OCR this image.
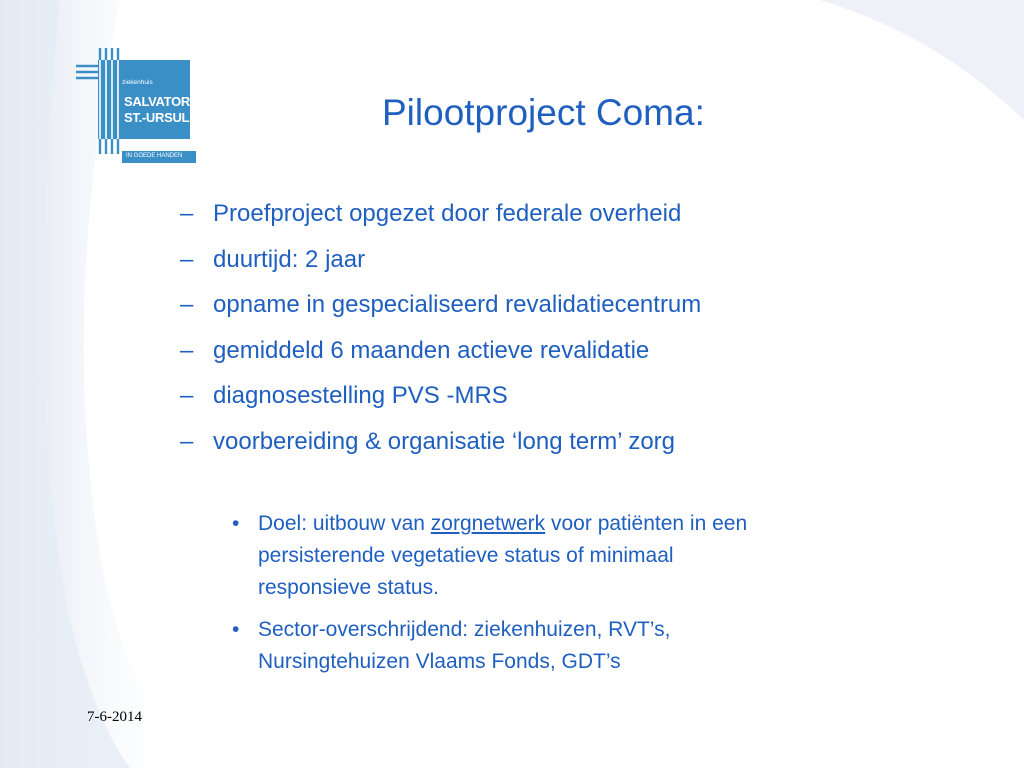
ziekenhuis
SALVATOR
ST.-URSULA
IN GOEDE HANDEN
Pilootproject Coma:
– Proefproject opgezet door federale overheid
– duurtijd: 2 jaar
– opname in gespecialiseerd revalidatiecentrum
– gemiddeld 6 maanden actieve revalidatie
– diagnosestelling PVS -MRS
– voorbereiding & organisatie ‘long term’ zorg
• Doel: uitbouw van zorgnetwerk voor patiënten in een
persisterende vegetatieve status of minimaal
responsieve status.
• Sector-overschrijdend: ziekenhuizen, RVT’s,
Nursingtehuizen Vlaams Fonds, GDT’s
7-6-2014
